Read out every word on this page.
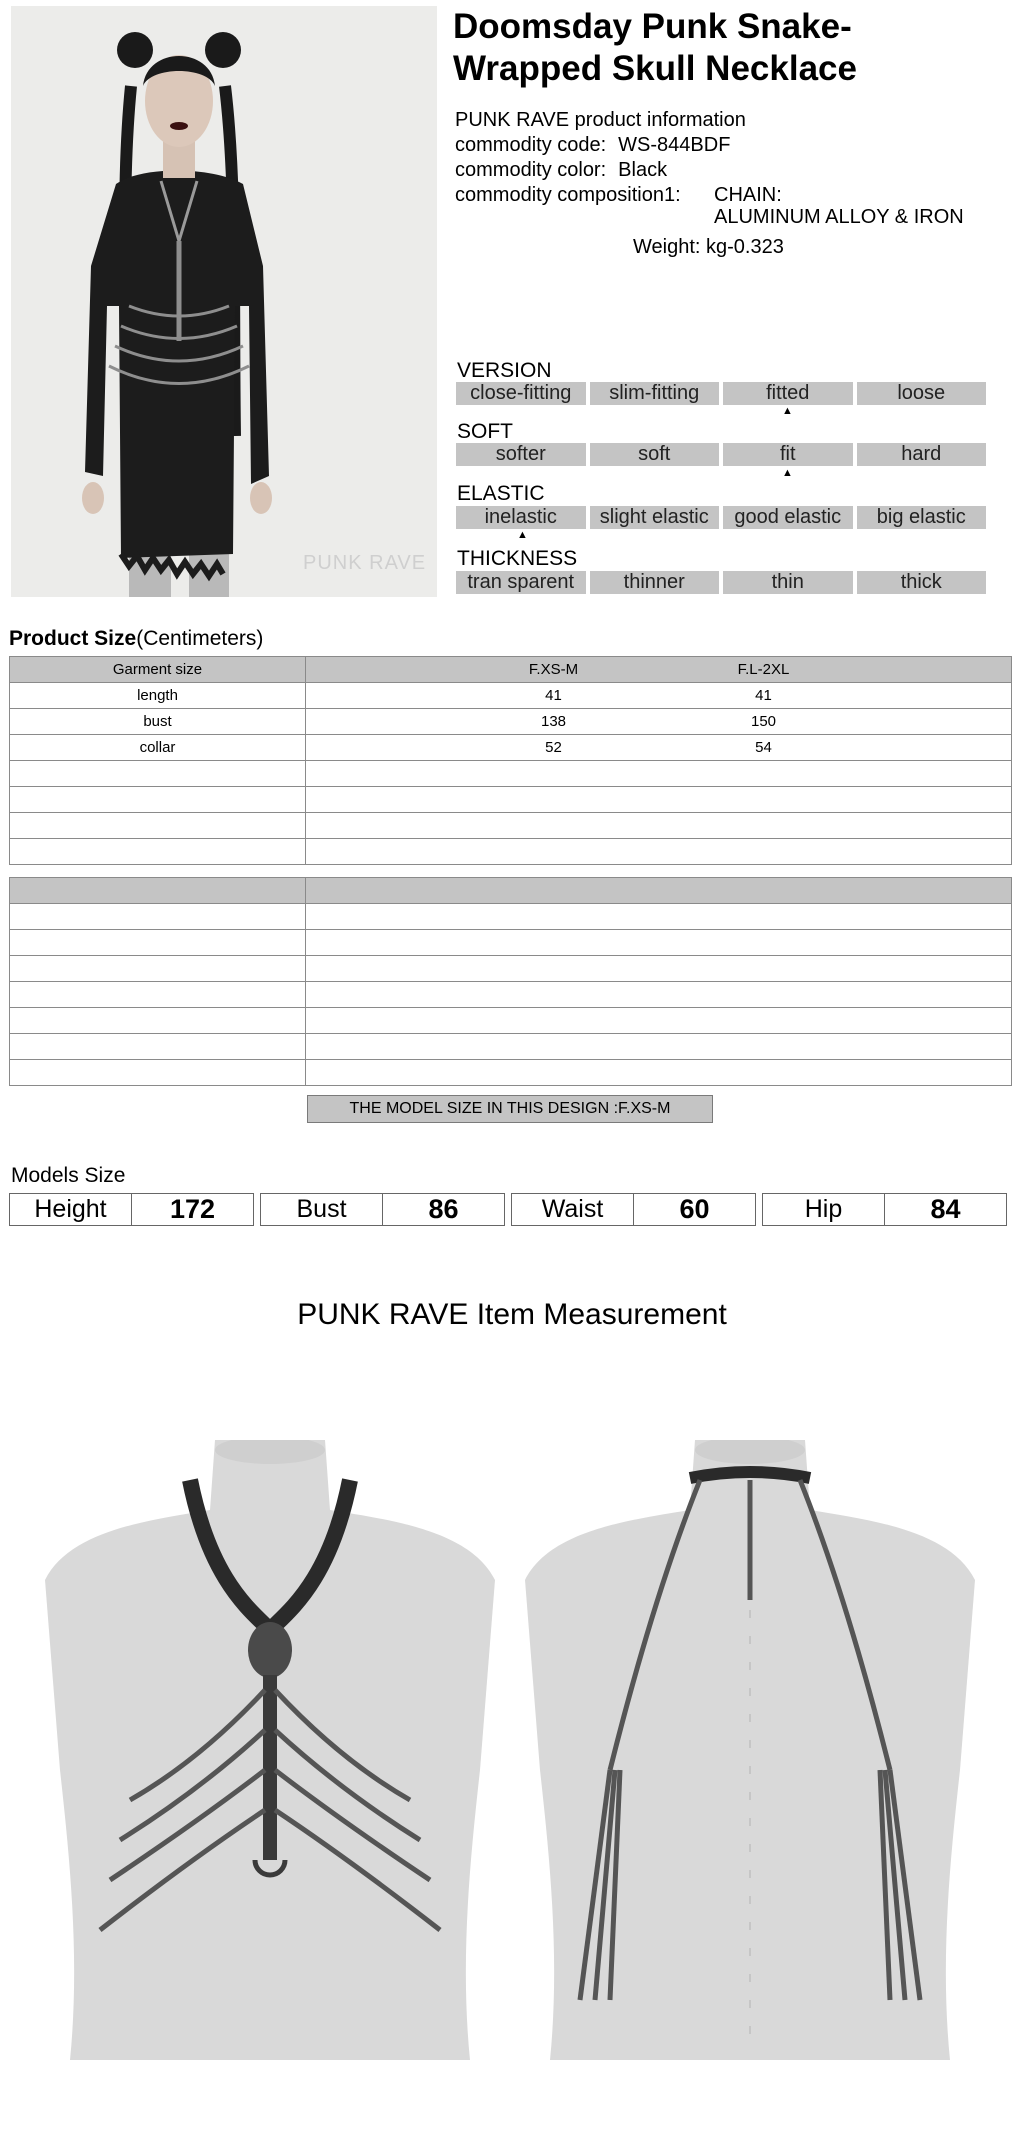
PUNK RAVE
Doomsday Punk Snake-
Wrapped Skull Necklace
PUNK RAVE product information
commodity code: WS-844BDF
commodity color: Black
commodity composition1: CHAIN:
ALUMINUM ALLOY & IRON
Weight: kg-0.323
VERSION
close-fitting	slim-fitting	fitted	loose
▲
SOFT
softer	soft	fit	hard
▲
ELASTIC
inelastic	slight elastic	good elastic	big elastic
▲
THICKNESS
tran sparent	thinner	thin	thick
Product Size(Centimeters)
Garment size	F.XS-M F.L-2XL
length	41 41
bust	138 150
collar	52 54

THE MODEL SIZE IN THIS DESIGN :F.XS-M
Models Size
Height	172	Bust	86	Waist	60	Hip	84
PUNK RAVE Item Measurement
